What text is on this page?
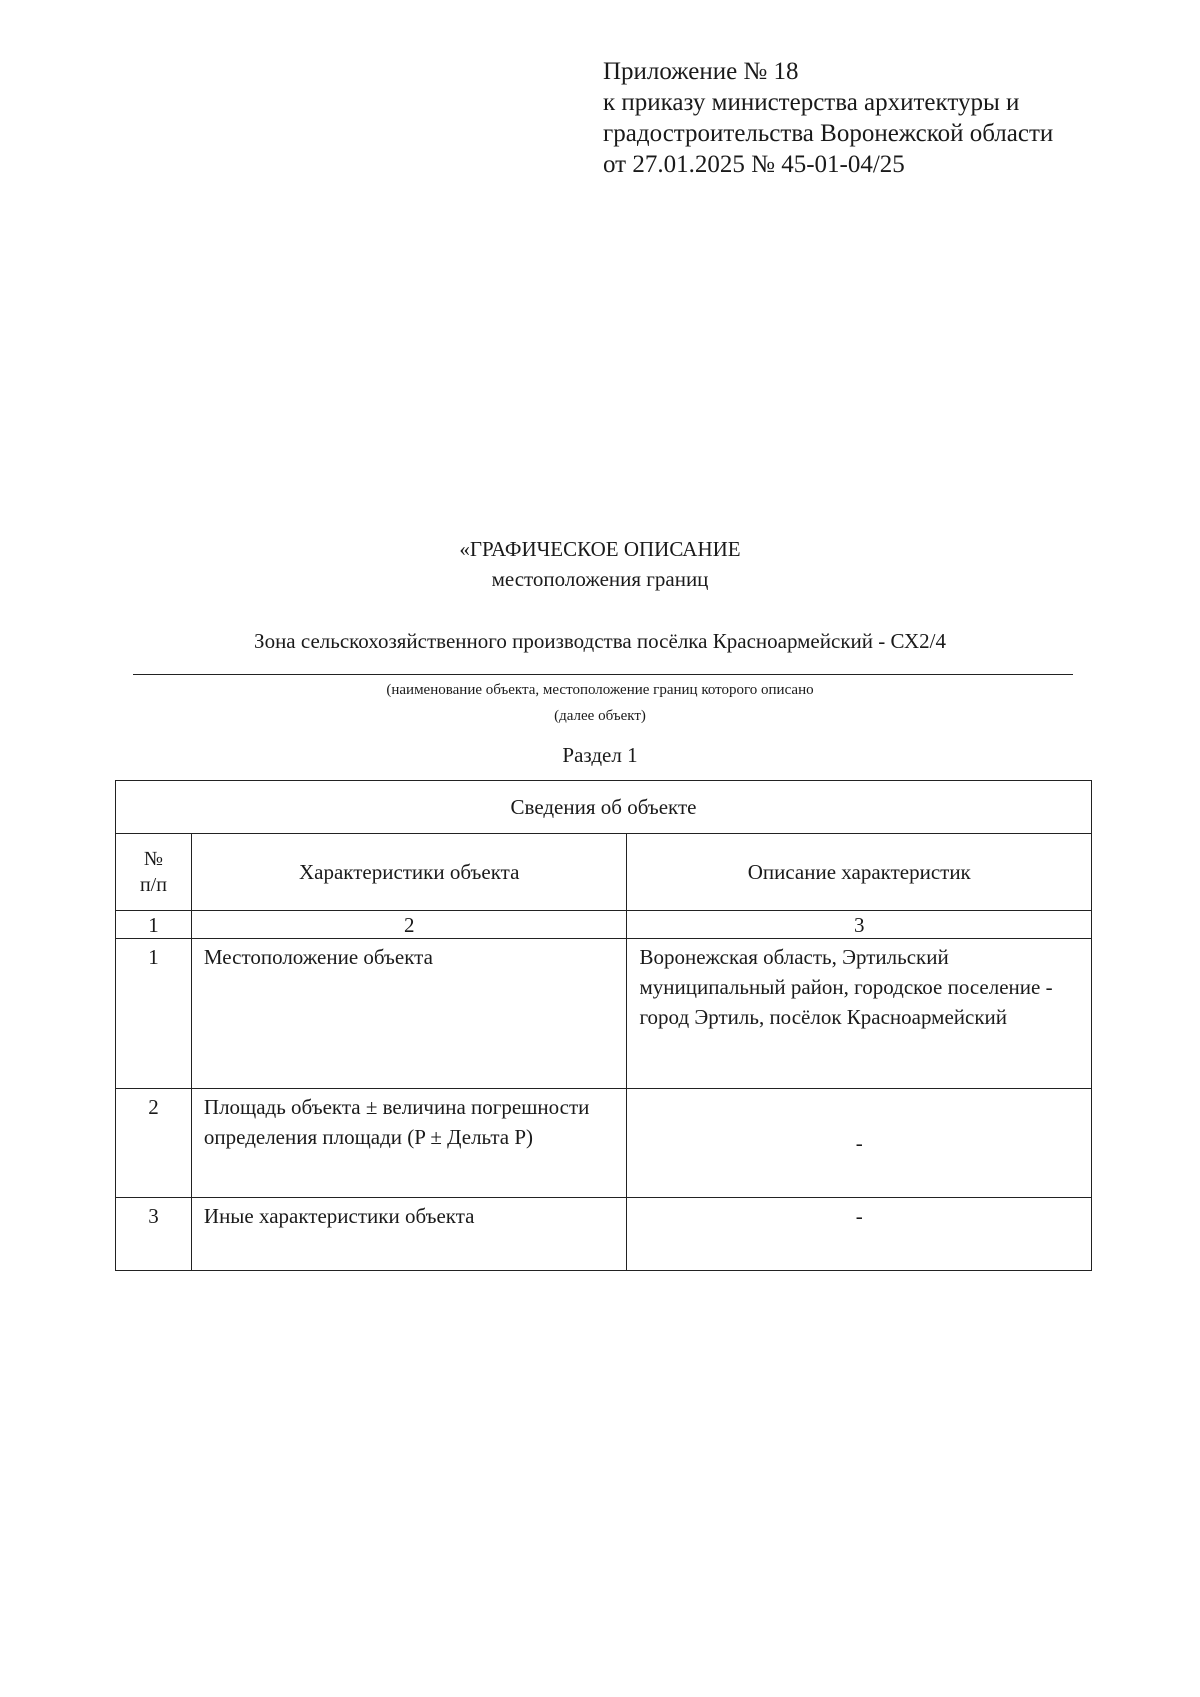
Приложение № 18
к приказу министерства архитектуры и
градостроительства Воронежской области
от 27.01.2025 № 45-01-04/25
«ГРАФИЧЕСКОЕ ОПИСАНИЕ
местоположения границ
Зона сельскохозяйственного производства посёлка Красноармейский - СХ2/4
(наименование объекта, местоположение границ которого описано
(далее объект)
Раздел 1
Сведения об объекте		

№
п/п	Характеристики объекта	Описание характеристик
1	2	3
1	Местоположение объекта	Воронежская область, Эртильский муниципальный район, городское поселение - город Эртиль, посёлок Красноармейский
2	Площадь объекта ± величина погрешности определения площади (P ± Дельта P)	-
3	Иные характеристики объекта	-
